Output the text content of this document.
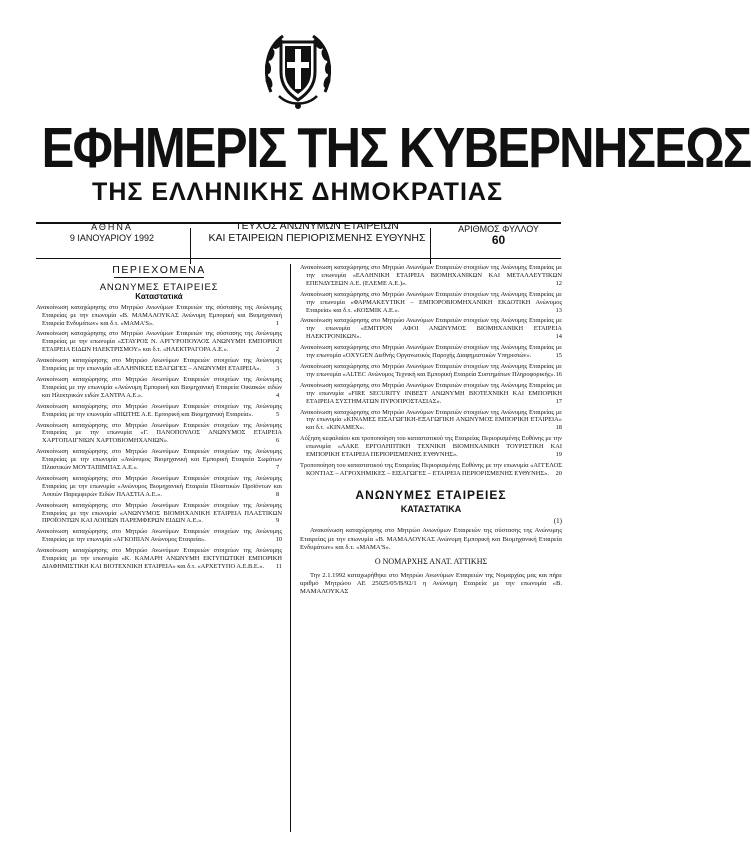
ΕΦΗΜΕΡΙΣ ΤΗΣ ΚΥΒΕΡΝΗΣΕΩΣ
ΤΗΣ ΕΛΛΗΝΙΚΗΣ ΔΗΜΟΚΡΑΤΙΑΣ
ΑΘΗΝΑ
9 ΙΑΝΟΥΑΡΙΟΥ 1992
ΤΕΥΧΟΣ ΑΝΩΝΥΜΩΝ ΕΤΑΙΡΕΙΩΝ
ΚΑΙ ΕΤΑΙΡΕΙΩΝ ΠΕΡΙΟΡΙΣΜΕΝΗΣ ΕΥΘΥΝΗΣ
ΑΡΙΘΜΟΣ ΦΥΛΛΟΥ
60
ΠΕΡΙΕΧΟΜΕΝΑ
ΑΝΩΝΥΜΕΣ ΕΤΑΙΡΕΙΕΣ
Καταστατικά
Ανακοίνωση καταχώρησης στο Μητρώο Ανωνύμων Εταιρειών της σύστασης της Ανώνυμης Εταιρείας με την επωνυμία «Β. ΜΑΜΑΛΟΥΚΑΣ Ανώνυμη Εμπορική και Βιομηχανική Εταιρεία Ενδυμάτων» και δ.τ. «MAMA'S».	1
Ανακοίνωση καταχώρησης στο Μητρώο Ανωνύμων Εταιρειών της σύστασης της Ανώνυμης Εταιρείας με την επωνυμία «ΣΤΑΥΡΟΣ Ν. ΑΡΓΥΡΟΠΟΥΛΟΣ ΑΝΩΝΥΜΗ ΕΜΠΟΡΙΚΗ ΕΤΑΙΡΕΙΑ ΕΙΔΩΝ ΗΛΕΚΤΡΙΣΜΟΥ» και δ.τ. «ΗΛΕΚΤΡΑΓΟΡΑ Α.Ε.».	2
Ανακοίνωση καταχώρησης στο Μητρώο Ανωνύμων Εταιρειών στοιχείων της Ανώνυμης Εταιρείας με την επωνυμία «ΕΛΛΗΝΙΚΕΣ ΕΞΑΓΩΓΕΣ – ΑΝΩΝΥΜΗ ΕΤΑΙΡΕΙΑ». 3
Ανακοίνωση καταχώρησης στο Μητρώο Ανωνύμων Εταιρειών στοιχείων της Ανώνυμης Εταιρείας με την επωνυμία «Ανώνυμη Εμπορική και Βιομηχανική Εταιρεία Οικιακών ειδών και Ηλεκτρικών ειδών ΣΑΝΤΡΑ Α.Ε.».	4
Ανακοίνωση καταχώρησης στο Μητρώο Ανωνύμων Εταιρειών στοιχείων της Ανώνυμης Εταιρείας με την επωνυμία «ΠΙΩΤΗΣ Α.Ε. Εμπορική και Βιομηχανική Εταιρεία».	5
Ανακοίνωση καταχώρησης στο Μητρώο Ανωνύμων Εταιρειών στοιχείων της Ανώνυμης Εταιρείας με την επωνυμία «Γ. ΠΑΝΟΠΟΥΛΟΣ ΑΝΩΝΥΜΟΣ ΕΤΑΙΡΕΙΑ ΧΑΡΤΟΠΑΙΓΝΙΩΝ ΧΑΡΤΟΒΙΟΜΗΧΑΝΙΩΝ».	6
Ανακοίνωση καταχώρησης στο Μητρώο Ανωνύμων Εταιρειών στοιχείων της Ανώνυμης Εταιρείας με την επωνυμία «Ανώνυμος Βιομηχανική και Εμπορική Εταιρεία Σωμάτων Πλαστικών ΜΟΥΤΑΠΙΜΠΑΣ Α.Ε.».	7
Ανακοίνωση καταχώρησης στο Μητρώο Ανωνύμων Εταιρειών στοιχείων της Ανώνυμης Εταιρείας με την επωνυμία «Ανώνυμος Βιομηχανική Εταιρεία Πλαστικών Προϊόντων και Λοιπών Παρεμφερών Ειδών ΠΛΑΣΤΙΑ Α.Ε.».	8
Ανακοίνωση καταχώρησης στο Μητρώο Ανωνύμων Εταιρειών στοιχείων της Ανώνυμης Εταιρείας με την επωνυμία «ΑΝΩΝΥΜΟΣ ΒΙΟΜΗΧΑΝΙΚΗ ΕΤΑΙΡΕΙΑ ΠΛΑΣΤΙΚΩΝ ΠΡΟΪΟΝΤΩΝ ΚΑΙ ΛΟΙΠΩΝ ΠΑΡΕΜΦΕΡΩΝ ΕΙΔΩΝ Α.Ε.».	9
Ανακοίνωση καταχώρησης στο Μητρώο Ανωνύμων Εταιρειών στοιχείων της Ανώνυμης Εταιρείας με την επωνυμία «ΑΓΚΟΠΙΑΝ Ανώνυμος Εταιρεία».	10
Ανακοίνωση καταχώρησης στο Μητρώο Ανωνύμων Εταιρειών στοιχείων της Ανώνυμης Εταιρείας με την επωνυμία «Κ. ΚΑΜΑΡΗ ΑΝΩΝΥΜΗ ΕΚΤΥΠΩΤΙΚΗ ΕΜΠΟΡΙΚΗ ΔΙΑΦΗΜΙΣΤΙΚΗ ΚΑΙ ΒΙΟΤΕΧΝΙΚΗ ΕΤΑΙΡΕΙΑ» και δ.τ. «ΑΡΧΕΤΥΠΟ Α.Ε.Β.Ε.». 11
Ανακοίνωση καταχώρησης στο Μητρώο Ανωνύμων Εταιρειών στοιχείων της Ανώνυμης Εταιρείας με την επωνυμία «ΕΛΛΗΝΙΚΗ ΕΤΑΙΡΕΙΑ ΒΙΟΜΗΧΑΝΙΚΩΝ ΚΑΙ ΜΕΤΑΛΛΕΥΤΙΚΩΝ ΕΠΕΝΔΥΣΕΩΝ Α.Ε. (ΕΛΕΜΕ Α.Ε.)».	12
Ανακοίνωση καταχώρησης στο Μητρώο Ανωνύμων Εταιρειών στοιχείων της Ανώνυμης Εταιρείας με την επωνυμία «ΦΑΡΜΑΚΕΥΤΙΚΗ – ΕΜΠΟΡΟΒΙΟΜΗΧΑΝΙΚΗ ΕΚΔΟΤΙΚΗ Ανώνυμος Εταιρεία» και δ.τ. «ΚΟΣΜΙΚ Α.Ε.».	13
Ανακοίνωση καταχώρησης στο Μητρώο Ανωνύμων Εταιρειών στοιχείων της Ανώνυμης Εταιρείας με την επωνυμία «ΕΜΙΤΡΟΝ ΑΦΟΙ ΑΝΩΝΥΜΟΣ ΒΙΟΜΗΧΑΝΙΚΗ ΕΤΑΙΡΕΙΑ ΗΛΕΚΤΡΟΝΙΚΩΝ».	14
Ανακοίνωση καταχώρησης στο Μητρώο Ανωνύμων Εταιρειών στοιχείων της Ανώνυμης Εταιρείας με την επωνυμία «OXYGEN Διεθνής Οργανωτικός Παροχής Διαφημιστικών Υπηρεσιών».	15
Ανακοίνωση καταχώρησης στο Μητρώο Ανωνύμων Εταιρειών στοιχείων της Ανώνυμης Εταιρείας με την επωνυμία «ALTEC Ανώνυμος Τεχνική και Εμπορική Εταιρεία Συστημάτων Πληροφορικής». 16
Ανακοίνωση καταχώρησης στο Μητρώο Ανωνύμων Εταιρειών στοιχείων της Ανώνυμης Εταιρείας με την επωνυμία «FIRE SECURITY ΙΝΒΕΣΤ ΑΝΩΝΥΜΗ ΒΙΟΤΕΧΝΙΚΗ ΚΑΙ ΕΜΠΟΡΙΚΗ ΕΤΑΙΡΕΙΑ ΣΥΣΤΗΜΑΤΩΝ ΠΥΡΟΠΡΟΣΤΑΣΙΑΣ».	17
Ανακοίνωση καταχώρησης στο Μητρώο Ανωνύμων Εταιρειών στοιχείων της Ανώνυμης Εταιρείας με την επωνυμία «ΚΙΝΑΜΕΣ ΕΙΣΑΓΩΓΙΚΗ-ΕΞΑΓΩΓΙΚΗ ΑΝΩΝΥΜΟΣ ΕΜΠΟΡΙΚΗ ΕΤΑΙΡΕΙΑ» και δ.τ. «ΚΙΝΑΜΕΧ».	18
Αύξηση κεφαλαίου και τροποποίηση του καταστατικού της Εταιρείας Περιορισμένης Ευθύνης με την επωνυμία «ΛΑΚΕ ΕΡΓΟΛΗΠΤΙΚΗ ΤΕΧΝΙΚΗ ΒΙΟΜΗΧΑΝΙΚΗ ΤΟΥΡΙΣΤΙΚΗ ΚΑΙ ΕΜΠΟΡΙΚΗ ΕΤΑΙΡΕΙΑ ΠΕΡΙΟΡΙΣΜΕΝΗΣ ΕΥΘΥΝΗΣ».	19
Τροποποίηση του καταστατικού της Εταιρείας Περιορισμένης Ευθύνης με την επωνυμία «ΑΓΓΕΛΟΣ ΚΟΝΤΙΑΣ – ΑΓΡΟΧΗΜΙΚΕΣ – ΕΙΣΑΓΩΓΕΣ – ΕΤΑΙΡΕΙΑ ΠΕΡΙΟΡΙΣΜΕΝΗΣ ΕΥΘΥΝΗΣ». 20
ΑΝΩΝΥΜΕΣ ΕΤΑΙΡΕΙΕΣ
ΚΑΤΑΣΤΑΤΙΚΑ
(1)
Ανακοίνωση καταχώρησης στο Μητρώο Ανωνύμων Εταιρειών της σύστασης της Ανώνυμης Εταιρείας με την επωνυμία «Β. ΜΑΜΑΛΟΥΚΑΣ Ανώνυμη Εμπορική και Βιομηχανική Εταιρεία Ενδυμάτων» και δ.τ. «MAMA'S».
Ο ΝΟΜΑΡΧΗΣ ΑΝΑΤ. ΑΤΤΙΚΗΣ
Την 2.1.1992 καταχωρήθηκε στο Μητρώο Ανωνύμων Εταιρειών της Νομαρχίας μας και πήρε αριθμό Μητρώου ΑΕ 25025/05/Β/92/1 η Ανώνυμη Εταιρεία με την επωνυμία «Β. ΜΑΜΑΛΟΥΚΑΣ
